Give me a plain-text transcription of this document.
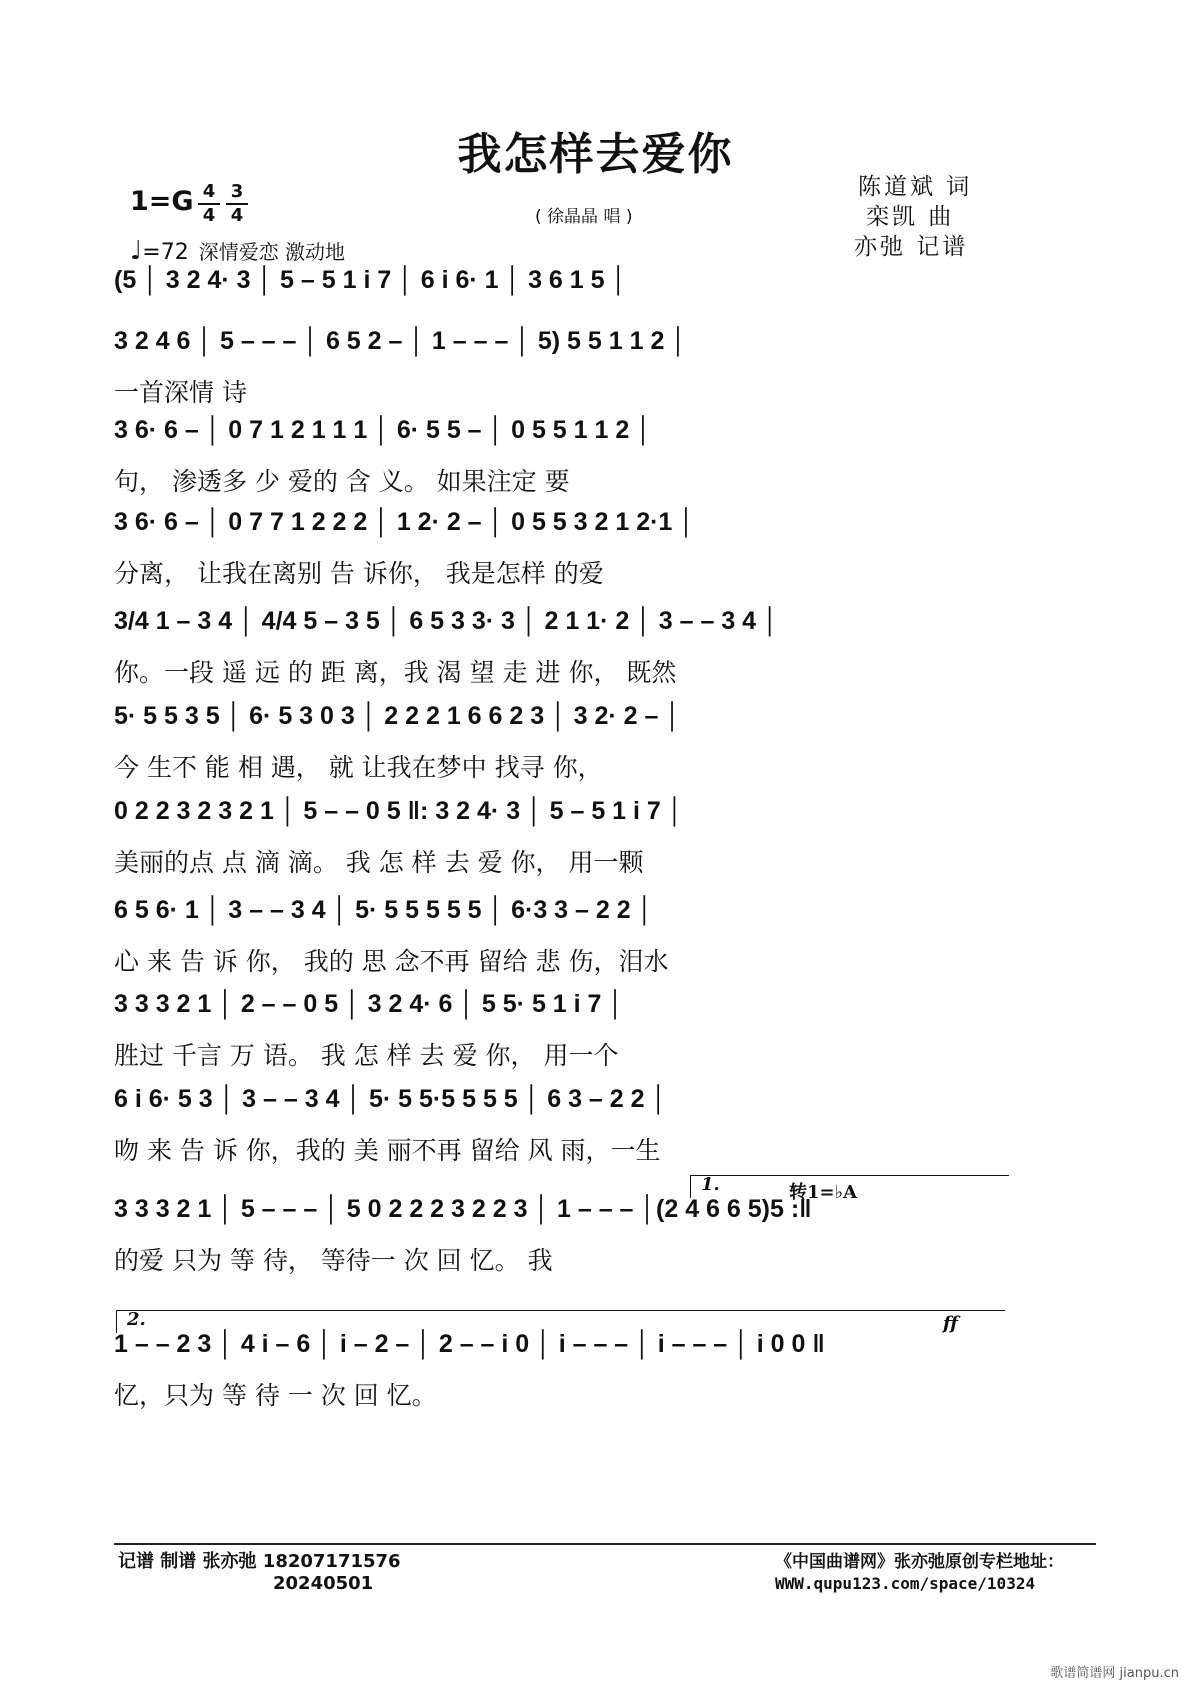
我怎样去爱你
1=G 4
4
3
4	( 徐晶晶 唱 )
♩=72 深情爱恋 激动地
陈道斌 词
栾凯 曲
亦弛 记谱
(5 │ 3 2 4· 3 │ 5 – 5 1 i 7 │ 6 i 6· 1 │ 3 6 1 5 │
3 2 4 6 │ 5 – – – │ 6 5 2 – │ 1 – – – │ 5) 5 5 1 1 2 │
一首深情 诗
3 6· 6 – │ 0 7 1 2 1 1 1 │ 6· 5 5 – │ 0 5 5 1 1 2 │
句， 渗透多 少 爱的 含 义。 如果注定 要
3 6· 6 – │ 0 7 7 1 2 2 2 │ 1 2· 2 – │ 0 5 5 3 2 1 2·1 │
分离， 让我在离别 告 诉你， 我是怎样 的爱
3/4 1 – 3 4 │ 4/4 5 – 3 5 │ 6 5 3 3· 3 │ 2 1 1· 2 │ 3 – – 3 4 │
你。一段 遥 远 的 距 离，我 渴 望 走 进 你， 既然
5· 5 5 3 5 │ 6· 5 3 0 3 │ 2 2 2 1 6 6 2 3 │ 3 2· 2 – │
今 生不 能 相 遇， 就 让我在梦中 找寻 你，
0 2 2 3 2 3 2 1 │ 5 – – 0 5 ‖: 3 2 4· 3 │ 5 – 5 1 i 7 │
美丽的点 点 滴 滴。 我 怎 样 去 爱 你， 用一颗
6 5 6· 1 │ 3 – – 3 4 │ 5· 5 5 5 5 5 │ 6·3 3 – 2 2 │
心 来 告 诉 你， 我的 思 念不再 留给 悲 伤，泪水
3 3 3 2 1 │ 2 – – 0 5 │ 3 2 4· 6 │ 5 5· 5 1 i 7 │
胜过 千言 万 语。 我 怎 样 去 爱 你， 用一个
6 i 6· 5 3 │ 3 – – 3 4 │ 5· 5 5·5 5 5 5 │ 6 3 – 2 2 │
吻 来 告 诉 你，我的 美 丽不再 留给 风 雨，一生
3 3 3 2 1 │ 5 – – – │ 5 0 2 2 2 3 2 2 3 │ 1 – – – │(2 4 6 6 5)5 :‖
的爱 只为 等 待， 等待一 次 回 忆。 我
1 – – 2 3 │ 4 i – 6 │ i – 2 – │ 2 – – i 0 │ i – – – │ i – – – │ i 0 0 ‖
忆，只为 等 待 一 次 回 忆。
1.	转1=♭A
2.	ff
记谱 制谱 张亦弛 18207171576
20240501
《中国曲谱网》张亦弛原创专栏地址：
WWW.qupu123.com/space/10324
歌谱简谱网 jianpu.cn
